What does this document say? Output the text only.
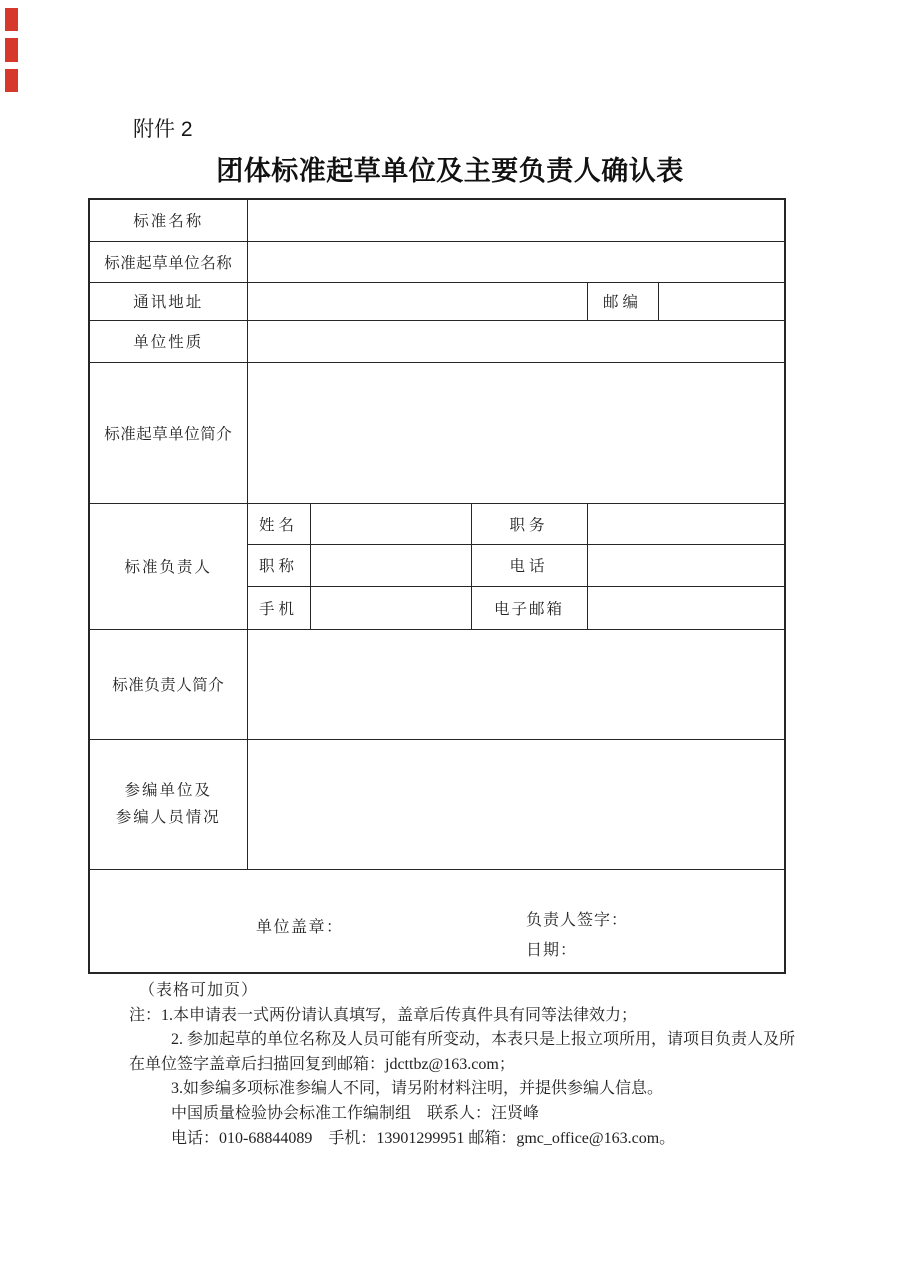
附件 2
团体标准起草单位及主要负责人确认表
标准名称					
标准起草单位名称					
通讯地址				邮编	
单位性质					
标准起草单位简介					
标准负责人	姓名		职务		
	职称		电话		
	手机		电子邮箱		
标准负责人简介					

参编单位及
参编人员情况					

单位盖章： 负责人签字：
日期：					
（表格可加页）
注：1.本申请表一式两份请认真填写，盖章后传真件具有同等法律效力；
2. 参加起草的单位名称及人员可能有所变动，本表只是上报立项所用，请项目负责人及所
在单位签字盖章后扫描回复到邮箱：jdcttbz@163.com；
3.如参编多项标准参编人不同，请另附材料注明，并提供参编人信息。
中国质量检验协会标准工作编制组　联系人：汪贤峰
电话：010-68844089　手机：13901299951 邮箱：gmc_office@163.com。
